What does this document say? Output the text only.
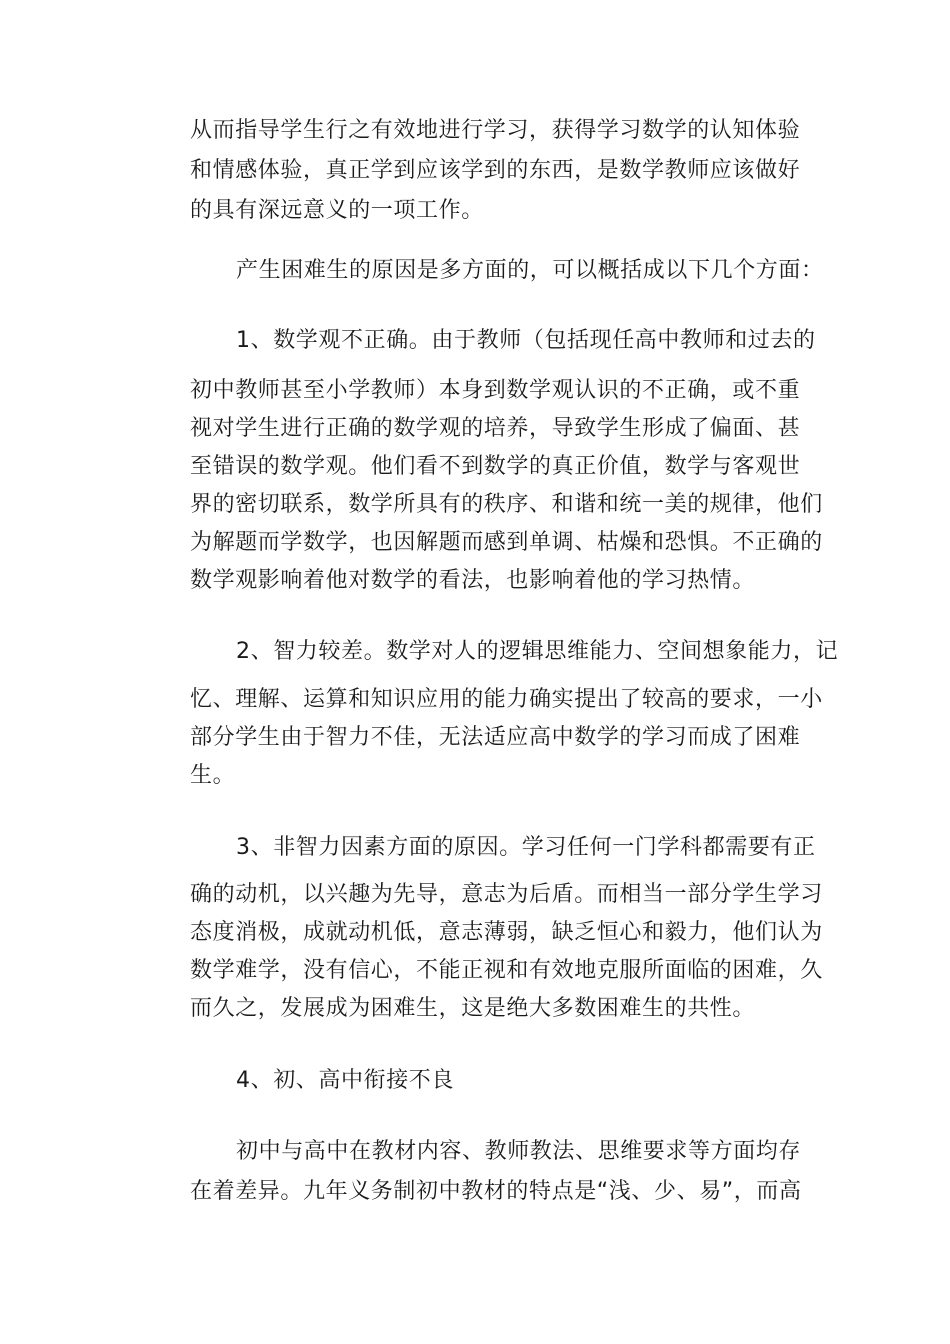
从而指导学生行之有效地进行学习，获得学习数学的认知体验
和情感体验，真正学到应该学到的东西，是数学教师应该做好
的具有深远意义的一项工作。
产生困难生的原因是多方面的，可以概括成以下几个方面：
1、数学观不正确。由于教师（包括现任高中教师和过去的
初中教师甚至小学教师）本身到数学观认识的不正确，或不重
视对学生进行正确的数学观的培养，导致学生形成了偏面、甚
至错误的数学观。他们看不到数学的真正价值，数学与客观世
界的密切联系，数学所具有的秩序、和谐和统一美的规律，他们
为解题而学数学，也因解题而感到单调、枯燥和恐惧。不正确的
数学观影响着他对数学的看法，也影响着他的学习热情。
2、智力较差。数学对人的逻辑思维能力、空间想象能力，记
忆、理解、运算和知识应用的能力确实提出了较高的要求，一小
部分学生由于智力不佳，无法适应高中数学的学习而成了困难
生。
3、非智力因素方面的原因。学习任何一门学科都需要有正
确的动机，以兴趣为先导，意志为后盾。而相当一部分学生学习
态度消极，成就动机低，意志薄弱，缺乏恒心和毅力，他们认为
数学难学，没有信心，不能正视和有效地克服所面临的困难，久
而久之，发展成为困难生，这是绝大多数困难生的共性。
4、初、高中衔接不良
初中与高中在教材内容、教师教法、思维要求等方面均存
在着差异。九年义务制初中教材的特点是“浅、少、易”，而高
